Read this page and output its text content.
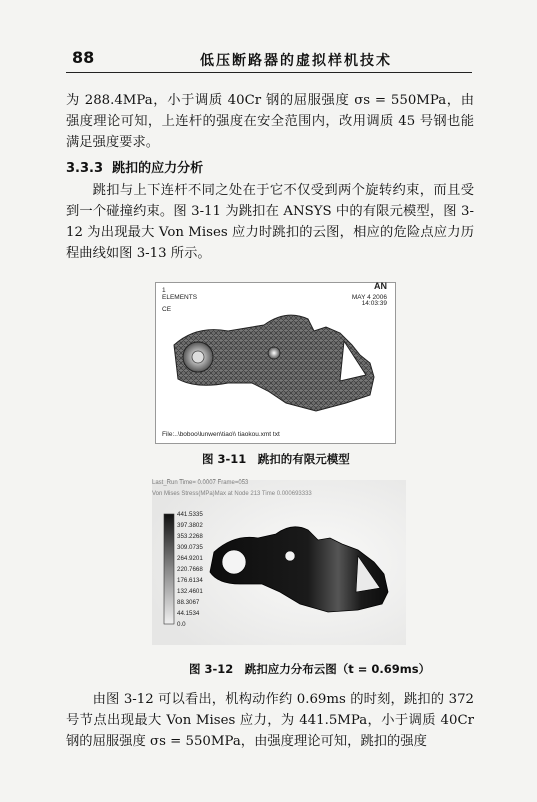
88	低压断路器的虚拟样机技术

为 288.4MPa，小于调质 40Cr 钢的屈服强度 σs = 550MPa，由强度理论可知，上连杆的强度在安全范围内，改用调质 45 号钢也能满足强度要求。

3.3.3 跳扣的应力分析

跳扣与上下连杆不同之处在于它不仅受到两个旋转约束，而且受到一个碰撞约束。图 3-11 为跳扣在 ANSYS 中的有限元模型，图 3-12 为出现最大 Von Mises 应力时跳扣的云图，相应的危险点应力历程曲线如图 3-13 所示。

1
ELEMENTS
CE
AN
MAY 4 2006
14:03:39
File:..\boboo\lunwen\tiao\\ tiaokou.xmt txt
图 3-11　跳扣的有限元模型
441.5335
397.3802
353.2268
309.0735
264.9201
220.7668
176.6134
132.4601
88.3067
44.1534
0.0
图 3-12　跳扣应力分布云图（t = 0.69ms）

由图 3-12 可以看出，机构动作约 0.69ms 的时刻，跳扣的 372 号节点出现最大 Von Mises 应力，为 441.5MPa，小于调质 40Cr 钢的屈服强度 σs = 550MPa，由强度理论可知，跳扣的强度
